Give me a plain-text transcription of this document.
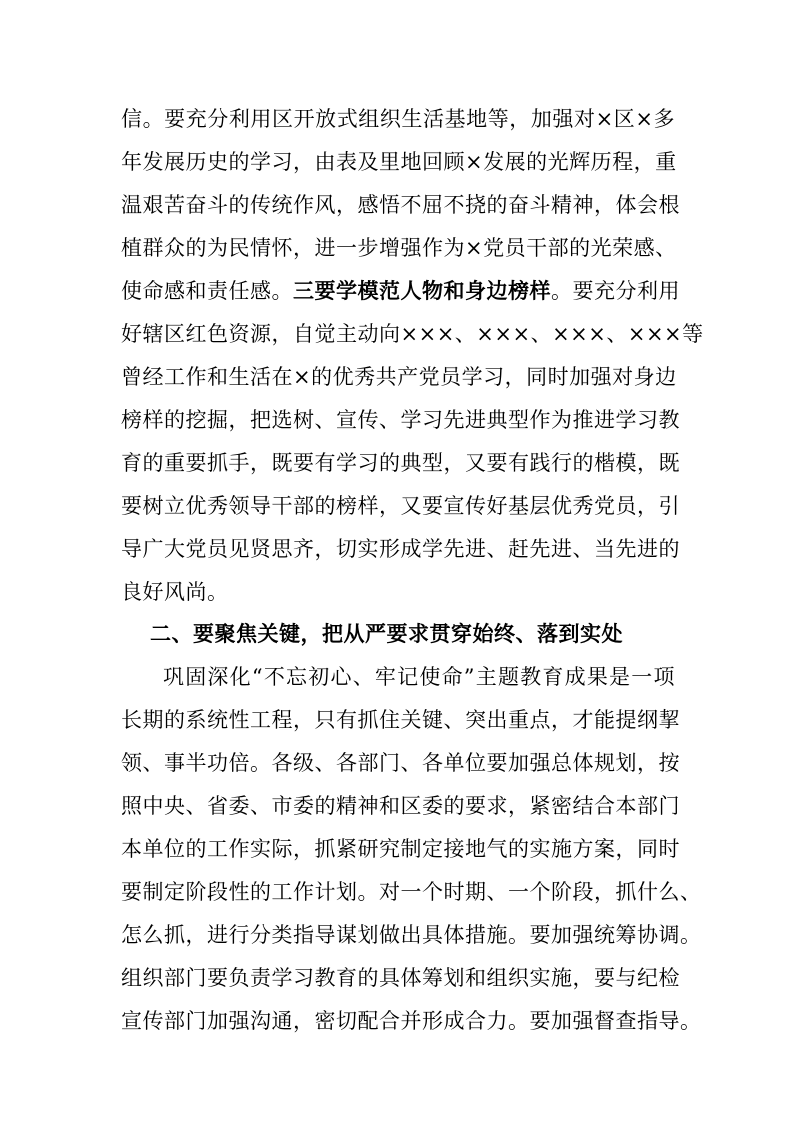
信。要充分利用区开放式组织生活基地等，加强对×区×多
年发展历史的学习，由表及里地回顾×发展的光辉历程，重
温艰苦奋斗的传统作风，感悟不屈不挠的奋斗精神，体会根
植群众的为民情怀，进一步增强作为×党员干部的光荣感、
使命感和责任感。三要学模范人物和身边榜样。要充分利用
好辖区红色资源，自觉主动向×××、×××、×××、×××等
曾经工作和生活在×的优秀共产党员学习，同时加强对身边
榜样的挖掘，把选树、宣传、学习先进典型作为推进学习教
育的重要抓手，既要有学习的典型，又要有践行的楷模，既
要树立优秀领导干部的榜样，又要宣传好基层优秀党员，引
导广大党员见贤思齐，切实形成学先进、赶先进、当先进的
良好风尚。
二、要聚焦关键，把从严要求贯穿始终、落到实处
巩固深化“不忘初心、牢记使命”主题教育成果是一项
长期的系统性工程，只有抓住关键、突出重点，才能提纲挈
领、事半功倍。各级、各部门、各单位要加强总体规划，按
照中央、省委、市委的精神和区委的要求，紧密结合本部门
本单位的工作实际，抓紧研究制定接地气的实施方案，同时
要制定阶段性的工作计划。对一个时期、一个阶段，抓什么、
怎么抓，进行分类指导谋划做出具体措施。要加强统筹协调。
组织部门要负责学习教育的具体筹划和组织实施，要与纪检
宣传部门加强沟通，密切配合并形成合力。要加强督查指导。
